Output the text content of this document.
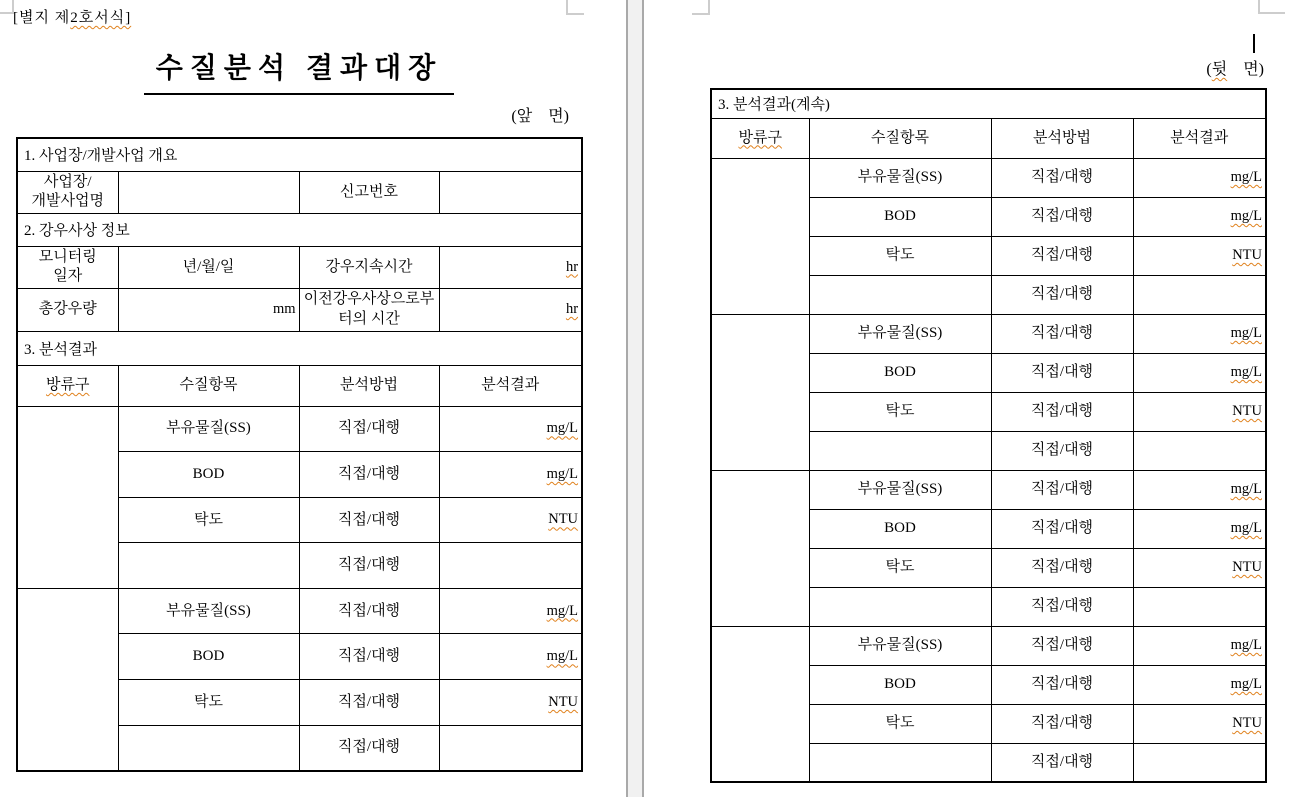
[별지 제2호서식]
수질분석 결과대장
(앞    면)
1. 사업장/개발사업 개요			

사업장/
개발사업명		신고번호	
2. 강우사상 정보			

모니터링
일자	년/월/일	강우지속시간	hr
총강우량	mm	이전강우사상으로부
터의 시간	hr
3. 분석결과			
방류구	수질항목	분석방법	분석결과
	부유물질(SS)	직접/대행	mg/L
	BOD	직접/대행	mg/L
	탁도	직접/대행	NTU
		직접/대행	
	부유물질(SS)	직접/대행	mg/L
	BOD	직접/대행	mg/L
	탁도	직접/대행	NTU
		직접/대행	
(뒷    면)
3. 분석결과(계속)			
방류구	수질항목	분석방법	분석결과
	부유물질(SS)	직접/대행	mg/L
	BOD	직접/대행	mg/L
	탁도	직접/대행	NTU
		직접/대행	
	부유물질(SS)	직접/대행	mg/L
	BOD	직접/대행	mg/L
	탁도	직접/대행	NTU
		직접/대행	
	부유물질(SS)	직접/대행	mg/L
	BOD	직접/대행	mg/L
	탁도	직접/대행	NTU
		직접/대행	
	부유물질(SS)	직접/대행	mg/L
	BOD	직접/대행	mg/L
	탁도	직접/대행	NTU
		직접/대행	
